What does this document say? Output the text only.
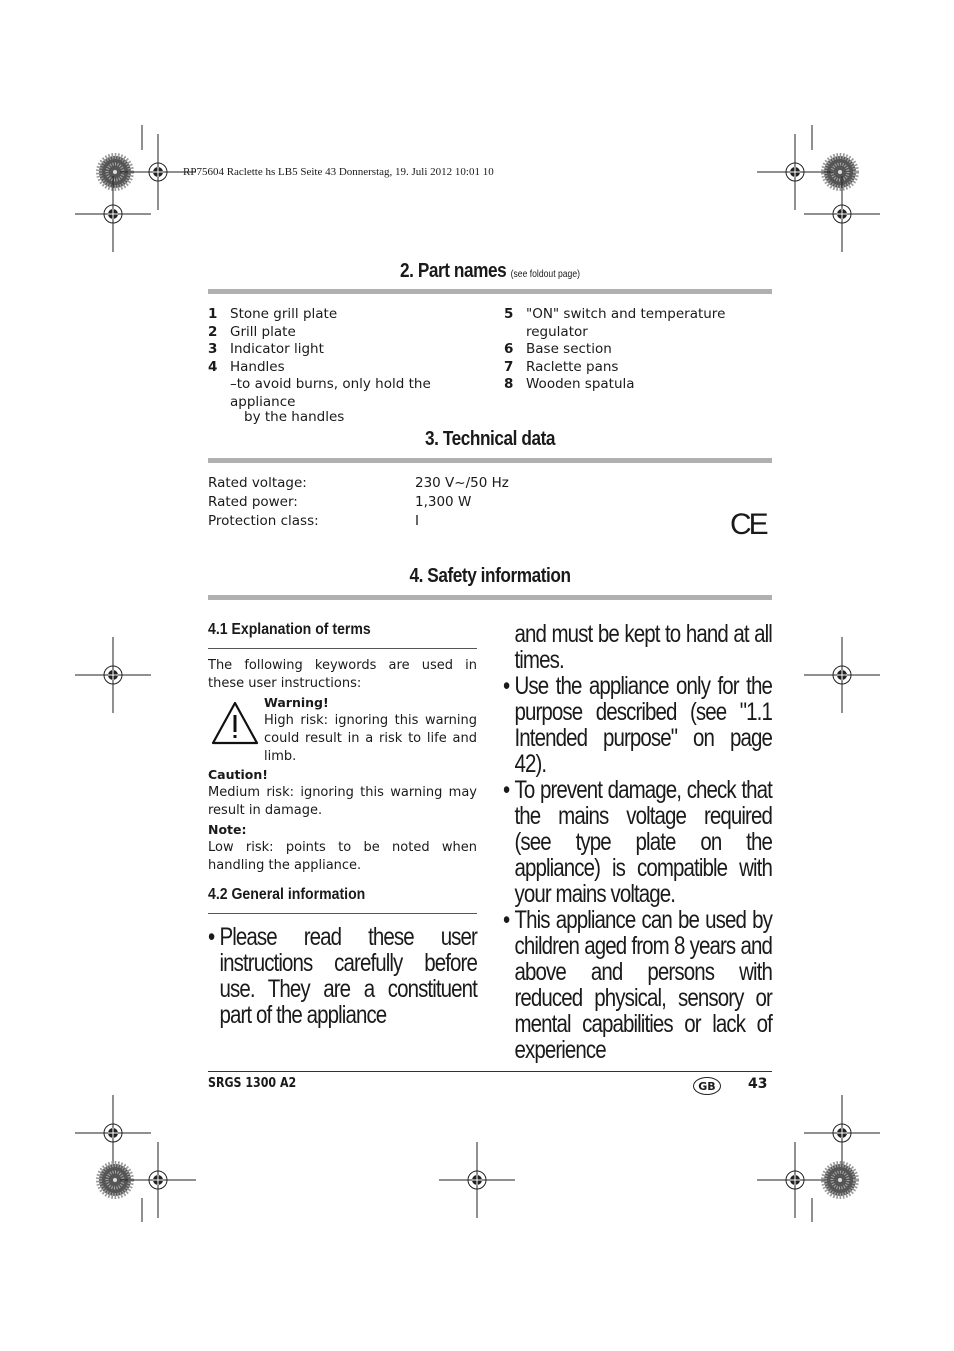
RP75604 Raclette hs LB5 Seite 43 Donnerstag, 19. Juli 2012 10:01 10
2. Part names (see foldout page)
1 Stone grill plate
2 Grill plate
3 Indicator light
4 Handles
–to avoid burns, only hold the appliance
by the handles
5 "ON" switch and temperature regulator
6 Base section
7 Raclette pans
8 Wooden spatula
3. Technical data
Rated voltage:	230 V~/50 Hz
Rated power:	1,300 W
Protection class:	I	CE
4. Safety information
4.1 Explanation of terms
The following keywords are used in these user instructions:
Warning!
High risk: ignoring this warning could result in a risk to life and limb.
Caution!
Medium risk: ignoring this warning may result in damage.
Note:
Low risk: points to be noted when handling the appliance.
4.2 General information
• Please read these user instructions carefully before use. They are a constituent part of the appliance
and must be kept to hand at all times.
• Use the appliance only for the purpose described (see "1.1 Intended purpose" on page 42).
• To prevent damage, check that the mains voltage required (see type plate on the appliance) is compatible with your mains voltage.
• This appliance can be used by children aged from 8 years and above and persons with reduced physical, sensory or mental capabilities or lack of experience
SRGS 1300 A2	GB	43
